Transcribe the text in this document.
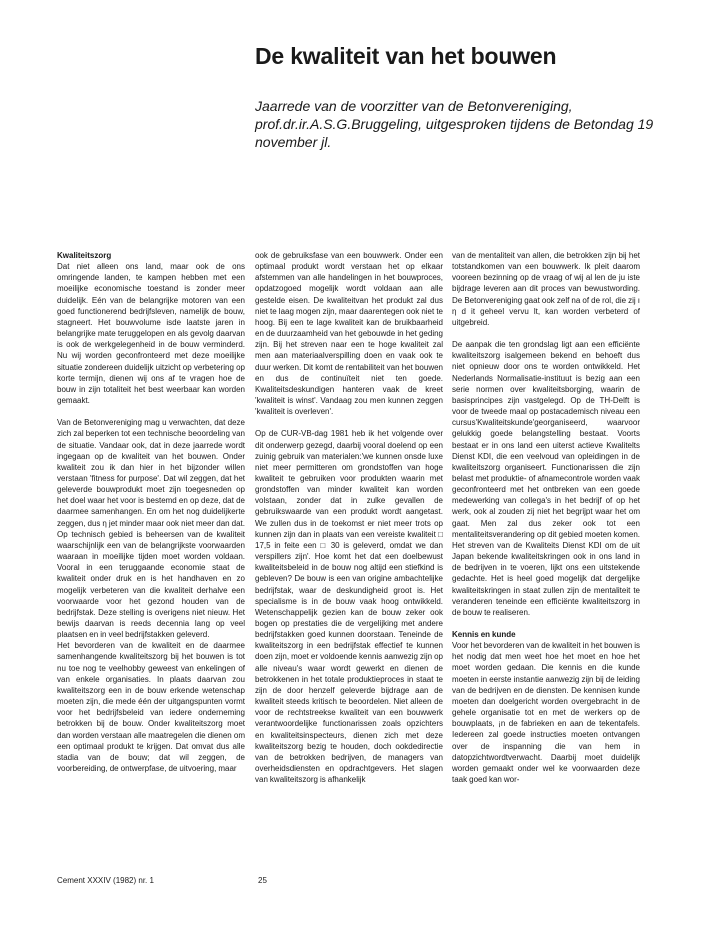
De kwaliteit van het bouwen

Jaarrede van de voorzitter van de Betonvereniging, prof.dr.ir.A.S.G.Bruggeling, uitgesproken tijdens de Betondag 19 november jl.

Kwaliteitszorg

Dat niet alleen ons land, maar ook de ons omringende landen, te kampen hebben met een moeilijke economische toestand is zonder meer duidelijk. Eén van de belangrijke motoren van een goed functionerend bedrijfsleven, namelijk de bouw, stagneert. Het bouwvolume isde laatste jaren in belangrijke mate teruggelopen en als gevolg daarvan is ook de werkgelegenheid in de bouw verminderd. Nu wij worden geconfronteerd met deze moeilijke situatie zondereen duidelijk uitzicht op verbetering op korte termijn, dienen wij ons af te vragen hoe de bouw in zijn totaliteit het best weerbaar kan worden gemaakt.

Van de Betonvereniging mag u verwachten, dat deze zich zal beperken tot een technische beoordeling van de situatie. Vandaar ook, dat in deze jaarrede wordt ingegaan op de kwaliteit van het bouwen. Onder kwaliteit zou ik dan hier in het bijzonder willen verstaan 'fitness for purpose'. Dat wil zeggen, dat het geleverde bouwprodukt moet zijn toegesneden op het doel waar het voor is bestemd en op deze, dat de daarmee samenhangen. En om het nog duidelijkerte zeggen, dus η jet minder maar ook niet meer dan dat. Op technisch gebied is beheersen van de kwaliteit waarschijnlijk een van de belangrijkste voorwaarden waaraan in moeilijke tijden moet worden voldaan. Vooral in een teruggaande economie staat de kwaliteit onder druk en is het handhaven en zo mogelijk verbeteren van die kwaliteit derhalve een voorwaarde voor het gezond houden van de bedrijfstak. Deze stelling is overigens niet nieuw. Het bewijs daarvan is reeds decennia lang op veel plaatsen en in veel bedrijfstakken geleverd.

Het bevorderen van de kwaliteit en de daarmee samenhangende kwaliteitszorg bij het bouwen is tot nu toe nog te veelhobby geweest van enkelingen of van enkele organisaties. In plaats daarvan zou kwaliteitszorg een in de bouw erkende wetenschap moeten zijn, die mede één der uitgangspunten vormt voor het bedrijfsbeleid van iedere onderneming betrokken bij de bouw. Onder kwaliteitszorg moet dan worden verstaan alle maatregelen die dienen om een optimaal produkt te krijgen. Dat omvat dus alle stadia van de bouw; dat wil zeggen, de voorbereiding, de ontwerpfase, de uitvoering, maar

ook de gebruiksfase van een bouwwerk. Onder een optimaal produkt wordt verstaan het op elkaar afstemmen van alle handelingen in het bouwproces, opdatzogoed mogelijk wordt voldaan aan alle gestelde eisen. De kwaliteitvan het produkt zal dus niet te laag mogen zijn, maar daarentegen ook niet te hoog. Bij een te lage kwaliteit kan de bruikbaarheid en de duurzaamheid van het gebouwde in het geding zijn. Bij het streven naar een te hoge kwaliteit zal men aan materiaalverspilling doen en vaak ook te duur werken. Dit komt de rentabiliteit van het bouwen en dus de continuïteit niet ten goede. Kwaliteitsdeskundigen hanteren vaak de kreet 'kwaliteit is winst'. Vandaag zou men kunnen zeggen 'kwaliteit is overleven'.

Op de CUR-VB-dag 1981 heb ik het volgende over dit onderwerp gezegd, daarbij vooral doelend op een zuinig gebruik van materialen:'we kunnen onsde luxe niet meer permitteren om grondstoffen van hoge kwaliteit te gebruiken voor produkten waarin met grondstoffen van minder kwaliteit kan worden volstaan, zonder dat in zulke gevallen de gebruikswaarde van een produkt wordt aangetast. We zullen dus in de toekomst er niet meer trots op kunnen zijn dan in plaats van een vereiste kwaliteit □ 17,5 in feite een □ 30 is geleverd, omdat we dan verspillers zijn'. Hoe komt het dat een doelbewust kwaliteitsbeleid in de bouw nog altijd een stiefkind is gebleven? De bouw is een van origine ambachtelijke bedrijfstak, waar de deskundigheid groot is. Het specialisme is in de bouw vaak hoog ontwikkeld. Wetenschappelijk gezien kan de bouw zeker ook bogen op prestaties die de vergelijking met andere bedrijfstakken goed kunnen doorstaan. Teneinde de kwaliteitszorg in een bedrijfstak effectief te kunnen doen zijn, moet er voldoende kennis aanwezig zijn op alle niveau's waar wordt gewerkt en dienen de betrokkenen in het totale produktieproces in staat te zijn de door henzelf geleverde bijdrage aan de kwaliteit steeds kritisch te beoordelen. Niet alleen de voor de rechtstreekse kwaliteit van een bouwwerk verantwoordelijke functionarissen zoals opzichters en kwaliteitsinspecteurs, dienen zich met deze kwaliteitszorg bezig te houden, doch ookdedirectie van de betrokken bedrijven, de managers van overheidsdiensten en opdrachtgevers. Het slagen van kwaliteitszorg is afhankelijk

van de mentaliteit van allen, die betrokken zijn bij het totstandkomen van een bouwwerk. Ik pleit daarom vooreen bezinning op de vraag of wij al len de ju iste bijdrage leveren aan dit proces van bewustwording. De Betonvereniging gaat ook zelf na of de rol, die zij ı η d it geheel vervu lt, kan worden verbeterd of uitgebreid.

De aanpak die ten grondslag ligt aan een efficiënte kwaliteitszorg isalgemeen bekend en behoeft dus niet opnieuw door ons te worden ontwikkeld. Het Nederlands Normalisatie-instituut is bezig aan een serie normen over kwaliteitsborging, waarin de basisprincipes zijn vastgelegd. Op de TH-Delft is voor de tweede maal op postacademisch niveau een cursus'Kwaliteitskunde'georganiseerd, waarvoor gelukkig goede belangstelling bestaat. Voorts bestaat er in ons land een uiterst actieve Kwalitelts Dienst KDI, die een veelvoud van opleidingen in de kwaliteitszorg organiseert. Functionarissen die zijn belast met produktie- of afnamecontrole worden vaak geconfronteerd met het ontbreken van een goede medewerking van collega's in het bedrijf of op het werk, ook al zouden zij niet het begrijpt waar het om gaat. Men zal dus zeker ook tot een mentaliteitsverandering op dit gebied moeten komen. Het streven van de Kwaliteits Dienst KDI om de uit Japan bekende kwaliteitskringen ook in ons land in de bedrijven in te voeren, lijkt ons een uitstekende gedachte. Het is heel goed mogelijk dat dergelijke kwaliteitskringen in staat zullen zijn de mentaliteit te veranderen teneinde een efficiënte kwaliteitszorg in de bouw te realiseren.

Kennis en kunde

Voor het bevorderen van de kwaliteit in het bouwen is het nodig dat men weet hoe het moet en hoe het moet worden gedaan. Die kennis en die kunde moeten in eerste instantie aanwezig zijn bij de leiding van de bedrijven en de diensten. De kennisen kunde moeten dan doelgericht worden overgebracht in de gehele organisatie tot en met de werkers op de bouwplaats, ¡n de fabrieken en aan de tekentafels. Iedereen zal goede instructies moeten ontvangen over de inspanning die van hem in datopzichtwordtverwacht. Daarbij moet duidelijk worden gemaakt onder wel ke voorwaarden deze taak goed kan wor-

Cement XXXIV (1982) nr. 1	25
